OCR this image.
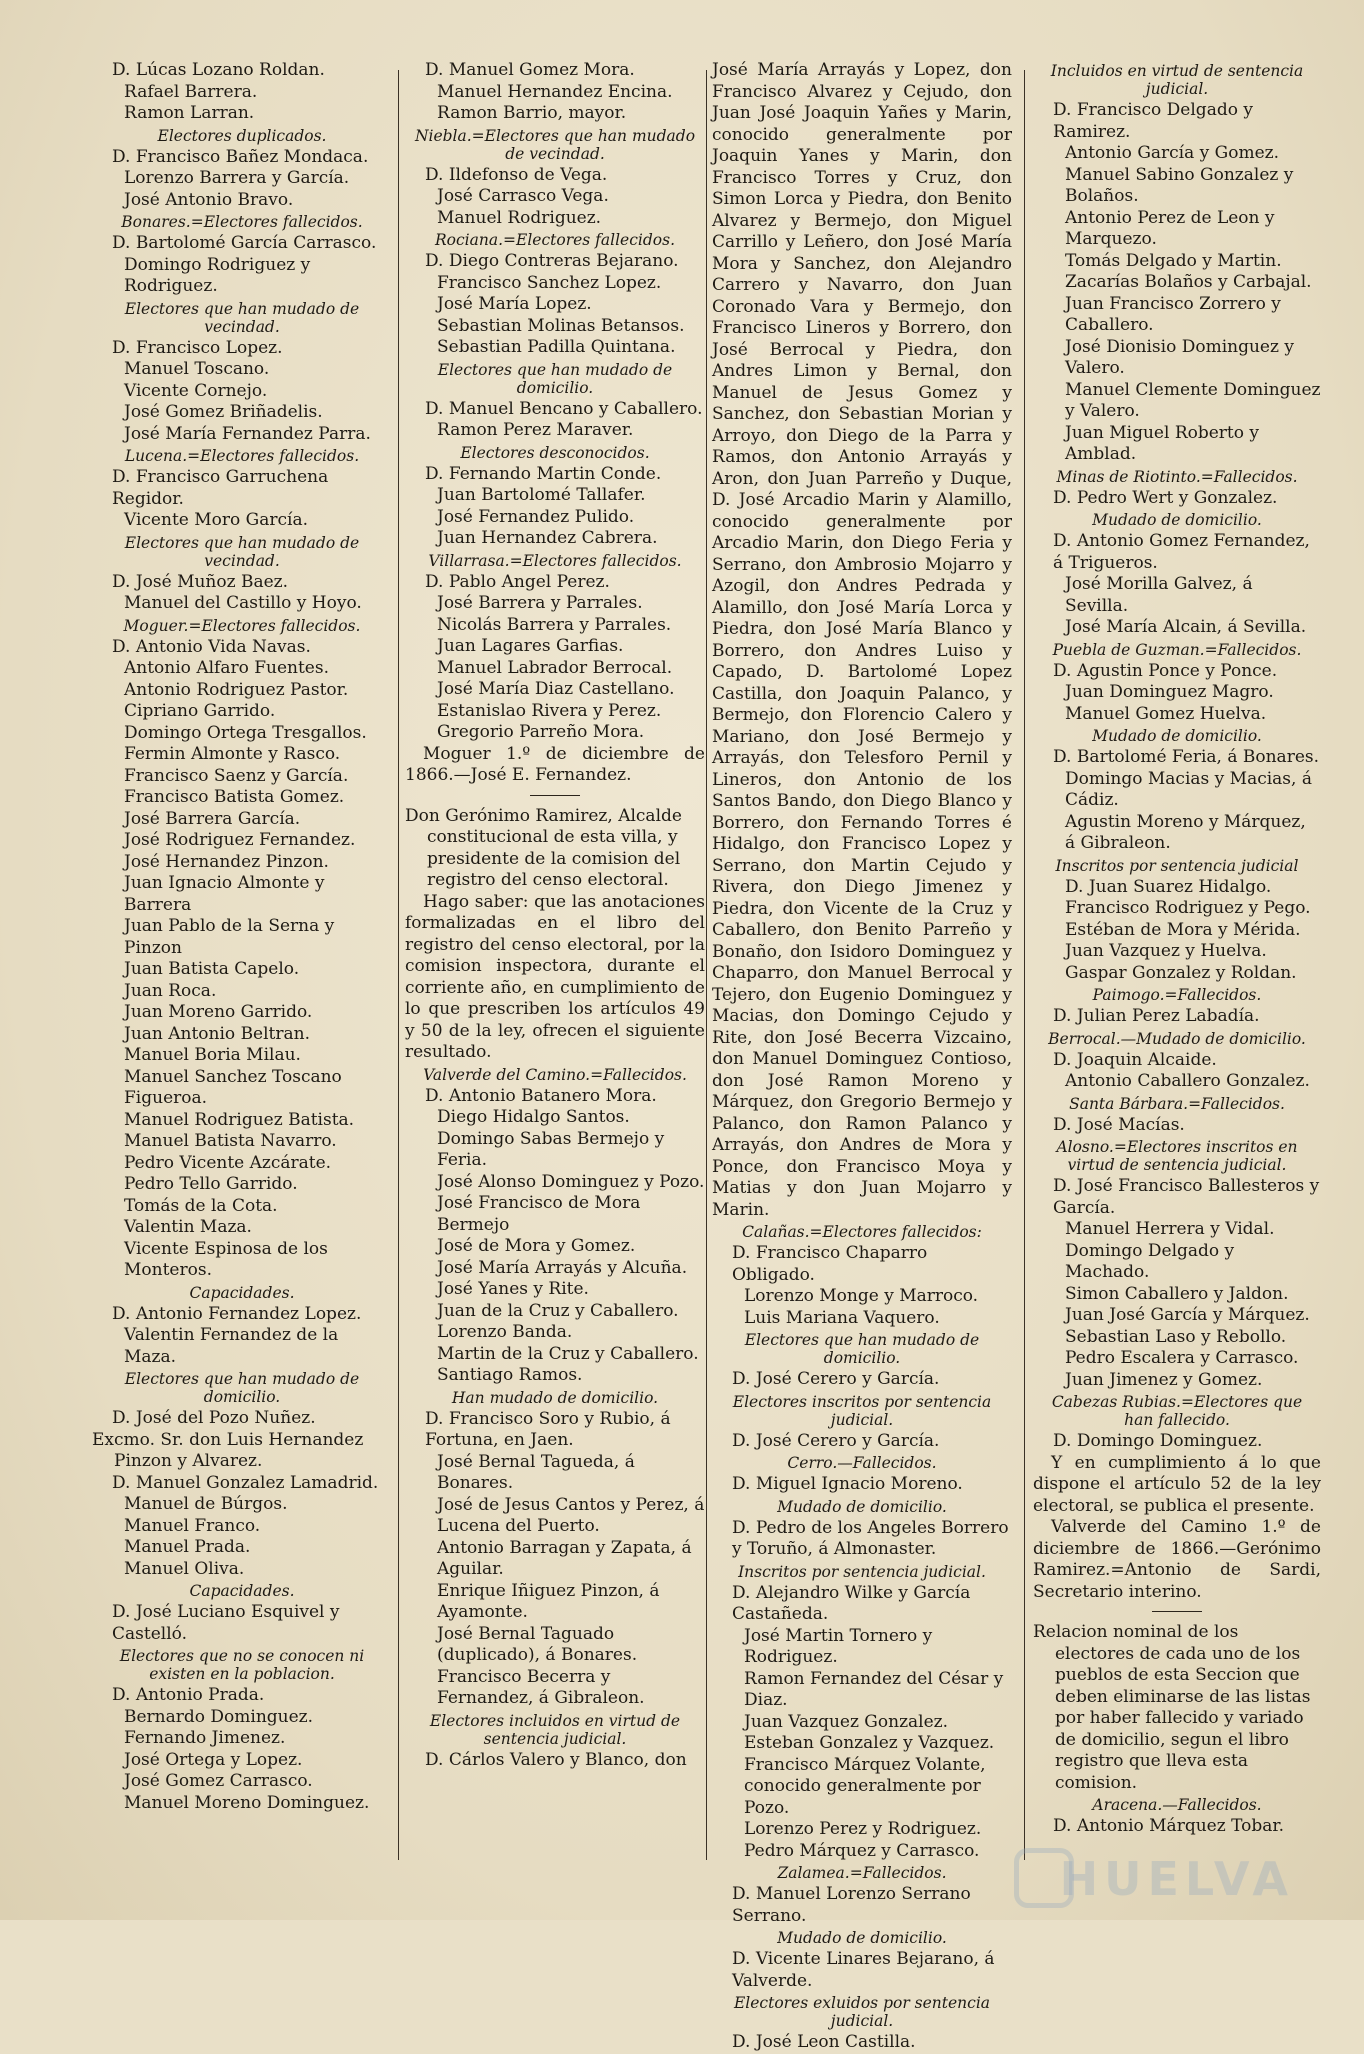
D. Lúcas Lozano Roldan.

Rafael Barrera.

Ramon Larran.

Electores duplicados.

D. Francisco Bañez Mondaca.

Lorenzo Barrera y García.

José Antonio Bravo.

Bonares.=Electores fallecidos.

D. Bartolomé García Carrasco.

Domingo Rodriguez y Rodriguez.

Electores que han mudado de vecindad.

D. Francisco Lopez.

Manuel Toscano.

Vicente Cornejo.

José Gomez Briñadelis.

José María Fernandez Parra.

Lucena.=Electores fallecidos.

D. Francisco Garruchena Regidor.

Vicente Moro García.

Electores que han mudado de vecindad.

D. José Muñoz Baez.

Manuel del Castillo y Hoyo.

Moguer.=Electores fallecidos.

D. Antonio Vida Navas.

Antonio Alfaro Fuentes.

Antonio Rodriguez Pastor.

Cipriano Garrido.

Domingo Ortega Tresgallos.

Fermin Almonte y Rasco.

Francisco Saenz y García.

Francisco Batista Gomez.

José Barrera García.

José Rodriguez Fernandez.

José Hernandez Pinzon.

Juan Ignacio Almonte y Barrera

Juan Pablo de la Serna y Pinzon

Juan Batista Capelo.

Juan Roca.

Juan Moreno Garrido.

Juan Antonio Beltran.

Manuel Boria Milau.

Manuel Sanchez Toscano Figueroa.

Manuel Rodriguez Batista.

Manuel Batista Navarro.

Pedro Vicente Azcárate.

Pedro Tello Garrido.

Tomás de la Cota.

Valentin Maza.

Vicente Espinosa de los Monteros.

Capacidades.

D. Antonio Fernandez Lopez.

Valentin Fernandez de la Maza.

Electores que han mudado de domicilio.

D. José del Pozo Nuñez.

Excmo. Sr. don Luis Hernandez Pinzon y Alvarez.

D. Manuel Gonzalez Lamadrid.

Manuel de Búrgos.

Manuel Franco.

Manuel Prada.

Manuel Oliva.

Capacidades.

D. José Luciano Esquivel y Castelló.

Electores que no se conocen ni existen en la poblacion.

D. Antonio Prada.

Bernardo Dominguez.

Fernando Jimenez.

José Ortega y Lopez.

José Gomez Carrasco.

Manuel Moreno Dominguez.

D. Manuel Gomez Mora.

Manuel Hernandez Encina.

Ramon Barrio, mayor.

Niebla.=Electores que han mudado de vecindad.

D. Ildefonso de Vega.

José Carrasco Vega.

Manuel Rodriguez.

Rociana.=Electores fallecidos.

D. Diego Contreras Bejarano.

Francisco Sanchez Lopez.

José María Lopez.

Sebastian Molinas Betansos.

Sebastian Padilla Quintana.

Electores que han mudado de domicilio.

D. Manuel Bencano y Caballero.

Ramon Perez Maraver.

Electores desconocidos.

D. Fernando Martin Conde.

Juan Bartolomé Tallafer.

José Fernandez Pulido.

Juan Hernandez Cabrera.

Villarrasa.=Electores fallecidos.

D. Pablo Angel Perez.

José Barrera y Parrales.

Nicolás Barrera y Parrales.

Juan Lagares Garfias.

Manuel Labrador Berrocal.

José María Diaz Castellano.

Estanislao Rivera y Perez.

Gregorio Parreño Mora.

Moguer 1.º de diciembre de 1866.—José E. Fernandez.

Don Gerónimo Ramirez, Alcalde constitucional de esta villa, y presidente de la comision del registro del censo electoral.

Hago saber: que las anotaciones formalizadas en el libro del registro del censo electoral, por la comision inspectora, durante el corriente año, en cumplimiento de lo que prescriben los artículos 49 y 50 de la ley, ofrecen el siguiente resultado.

Valverde del Camino.=Fallecidos.

D. Antonio Batanero Mora.

Diego Hidalgo Santos.

Domingo Sabas Bermejo y Feria.

José Alonso Dominguez y Pozo.

José Francisco de Mora Bermejo

José de Mora y Gomez.

José María Arrayás y Alcuña.

José Yanes y Rite.

Juan de la Cruz y Caballero.

Lorenzo Banda.

Martin de la Cruz y Caballero.

Santiago Ramos.

Han mudado de domicilio.

D. Francisco Soro y Rubio, á Fortuna, en Jaen.

José Bernal Tagueda, á Bonares.

José de Jesus Cantos y Perez, á Lucena del Puerto.

Antonio Barragan y Zapata, á Aguilar.

Enrique Iñiguez Pinzon, á Ayamonte.

José Bernal Taguado (duplicado), á Bonares.

Francisco Becerra y Fernandez, á Gibraleon.

Electores incluidos en virtud de sentencia judicial.

D. Cárlos Valero y Blanco, don

José María Arrayás y Lopez, don Francisco Alvarez y Cejudo, don Juan José Joaquin Yañes y Marin, conocido generalmente por Joaquin Yanes y Marin, don Francisco Torres y Cruz, don Simon Lorca y Piedra, don Benito Alvarez y Bermejo, don Miguel Carrillo y Leñero, don José María Mora y Sanchez, don Alejandro Carrero y Navarro, don Juan Coronado Vara y Bermejo, don Francisco Lineros y Borrero, don José Berrocal y Piedra, don Andres Limon y Bernal, don Manuel de Jesus Gomez y Sanchez, don Sebastian Morian y Arroyo, don Diego de la Parra y Ramos, don Antonio Arrayás y Aron, don Juan Parreño y Duque, D. José Arcadio Marin y Alamillo, conocido generalmente por Arcadio Marin, don Diego Feria y Serrano, don Ambrosio Mojarro y Azogil, don Andres Pedrada y Alamillo, don José María Lorca y Piedra, don José María Blanco y Borrero, don Andres Luiso y Capado, D. Bartolomé Lopez Castilla, don Joaquin Palanco, y Bermejo, don Florencio Calero y Mariano, don José Bermejo y Arrayás, don Telesforo Pernil y Lineros, don Antonio de los Santos Bando, don Diego Blanco y Borrero, don Fernando Torres é Hidalgo, don Francisco Lopez y Serrano, don Martin Cejudo y Rivera, don Diego Jimenez y Piedra, don Vicente de la Cruz y Caballero, don Benito Parreño y Bonaño, don Isidoro Dominguez y Chaparro, don Manuel Berrocal y Tejero, don Eugenio Dominguez y Macias, don Domingo Cejudo y Rite, don José Becerra Vizcaino, don Manuel Dominguez Contioso, don José Ramon Moreno y Márquez, don Gregorio Bermejo y Palanco, don Ramon Palanco y Arrayás, don Andres de Mora y Ponce, don Francisco Moya y Matias y don Juan Mojarro y Marin.

Calañas.=Electores fallecidos:

D. Francisco Chaparro Obligado.

Lorenzo Monge y Marroco.

Luis Mariana Vaquero.

Electores que han mudado de domicilio.

D. José Cerero y García.

Electores inscritos por sentencia judicial.

D. José Cerero y García.

Cerro.—Fallecidos.

D. Miguel Ignacio Moreno.

Mudado de domicilio.

D. Pedro de los Angeles Borrero y Toruño, á Almonaster.

Inscritos por sentencia judicial.

D. Alejandro Wilke y García Castañeda.

José Martin Tornero y Rodriguez.

Ramon Fernandez del César y Diaz.

Juan Vazquez Gonzalez.

Esteban Gonzalez y Vazquez.

Francisco Márquez Volante, conocido generalmente por Pozo.

Lorenzo Perez y Rodriguez.

Pedro Márquez y Carrasco.

Zalamea.=Fallecidos.

D. Manuel Lorenzo Serrano Serrano.

Mudado de domicilio.

D. Vicente Linares Bejarano, á Valverde.

Electores exluidos por sentencia judicial.

D. José Leon Castilla.

Incluidos en virtud de sentencia judicial.

D. Francisco Delgado y Ramirez.

Antonio García y Gomez.

Manuel Sabino Gonzalez y Bolaños.

Antonio Perez de Leon y Marquezo.

Tomás Delgado y Martin.

Zacarías Bolaños y Carbajal.

Juan Francisco Zorrero y Caballero.

José Dionisio Dominguez y Valero.

Manuel Clemente Dominguez y Valero.

Juan Miguel Roberto y Amblad.

Minas de Riotinto.=Fallecidos.

D. Pedro Wert y Gonzalez.

Mudado de domicilio.

D. Antonio Gomez Fernandez, á Trigueros.

José Morilla Galvez, á Sevilla.

José María Alcain, á Sevilla.

Puebla de Guzman.=Fallecidos.

D. Agustin Ponce y Ponce.

Juan Dominguez Magro.

Manuel Gomez Huelva.

Mudado de domicilio.

D. Bartolomé Feria, á Bonares.

Domingo Macias y Macias, á Cádiz.

Agustin Moreno y Márquez, á Gibraleon.

Inscritos por sentencia judicial

D. Juan Suarez Hidalgo.

Francisco Rodriguez y Pego.

Estéban de Mora y Mérida.

Juan Vazquez y Huelva.

Gaspar Gonzalez y Roldan.

Paimogo.=Fallecidos.

D. Julian Perez Labadía.

Berrocal.—Mudado de domicilio.

D. Joaquin Alcaide.

Antonio Caballero Gonzalez.

Santa Bárbara.=Fallecidos.

D. José Macías.

Alosno.=Electores inscritos en virtud de sentencia judicial.

D. José Francisco Ballesteros y García.

Manuel Herrera y Vidal.

Domingo Delgado y Machado.

Simon Caballero y Jaldon.

Juan José García y Márquez.

Sebastian Laso y Rebollo.

Pedro Escalera y Carrasco.

Juan Jimenez y Gomez.

Cabezas Rubias.=Electores que han fallecido.

D. Domingo Dominguez.

Y en cumplimiento á lo que dispone el artículo 52 de la ley electoral, se publica el presente.

Valverde del Camino 1.º de diciembre de 1866.—Gerónimo Ramirez.=Antonio de Sardi, Secretario interino.

Relacion nominal de los electores de cada uno de los pueblos de esta Seccion que deben eliminarse de las listas por haber fallecido y variado de domicilio, segun el libro registro que lleva esta comision.

Aracena.—Fallecidos.

D. Antonio Márquez Tobar.

HUELVA
